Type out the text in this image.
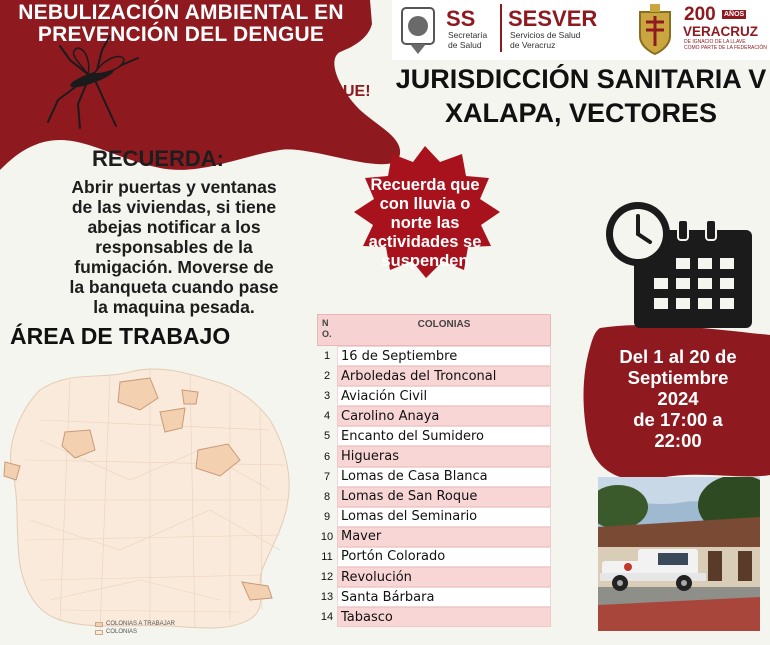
NEBULIZACIÓN AMBIENTAL EN
PREVENCIÓN DEL DENGUE
¡TODOS CONTRA EL DENGUE!
Es una tarea conjunta en
colonias de Xalapa.
SS
Secretaría
de Salud
SESVER
Servicios de Salud
de Veracruz
200 AÑOS
VERACRUZ
DE IGNACIO DE LA LLAVE
COMO PARTE DE LA FEDERACIÓN
JURISDICCIÓN SANITARIA V
XALAPA, VECTORES
RECUERDA:
Abrir puertas y ventanas
de las viviendas, si tiene
abejas notificar a los
responsables de la
fumigación. Moverse de
la banqueta cuando pase
la maquina pesada.
Recuerda que
con lluvia o
norte las
actividades se
suspenden
ÁREA DE TRABAJO
COLONIAS A TRABAJAR
COLONIAS
N
O.
COLONIAS
1 16 de Septiembre
2 Arboledas del Tronconal
3 Aviación Civil
4 Carolino Anaya
5 Encanto del Sumidero
6 Higueras
7 Lomas de Casa Blanca
8 Lomas de San Roque
9 Lomas del Seminario
10 Maver
11 Portón Colorado
12 Revolución
13 Santa Bárbara
14 Tabasco
Del 1 al 20 de
Septiembre
2024
de 17:00 a
22:00
